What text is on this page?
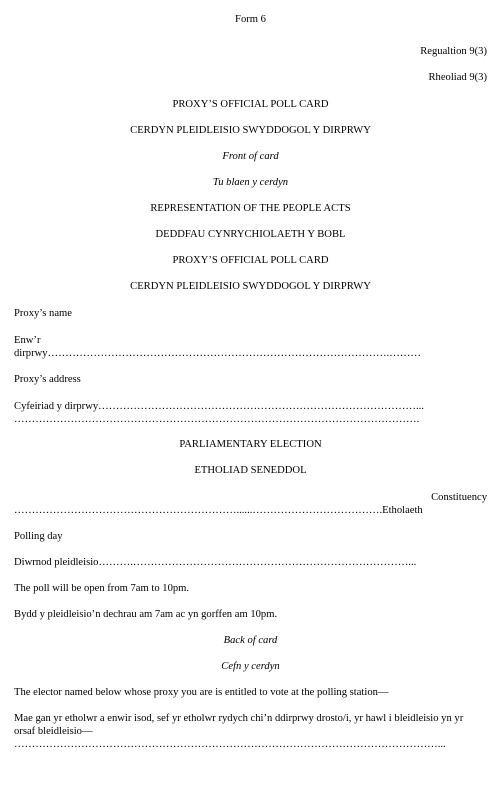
Form 6
Regualtion 9(3)
Rheoliad 9(3)
PROXY’S OFFICIAL POLL CARD
CERDYN PLEIDLEISIO SWYDDOGOL Y DIRPRWY
Front of card
Tu blaen y cerdyn
REPRESENTATION OF THE PEOPLE ACTS
DEDDFAU CYNRYCHIOLAETH Y BOBL
PROXY’S OFFICIAL POLL CARD
CERDYN PLEIDLEISIO SWYDDOGOL Y DIRPRWY
Proxy’s name
Enw’r
dirprwy…………………………………………………………………………………….………
Proxy’s address
Cyfeiriad y dirprwy………………………………………………………………………………...
…………………………………………………………………………………………………….
PARLIAMENTARY ELECTION
ETHOLIAD SENEDDOL
Constituency
………………………………………………………......……………………………….Etholaeth
Polling day
Diwrnod pleidleisio……….……………………………………………………………………...
The poll will be open from 7am to 10pm.
Bydd y pleidleisio’n dechrau am 7am ac yn gorffen am 10pm.
Back of card
Cefn y cerdyn
The elector named below whose proxy you are is entitled to vote at the polling station—
Mae gan yr etholwr a enwir isod, sef yr etholwr rydych chi’n ddirprwy drosto/i, yr hawl i bleidleisio yn yr orsaf bleidleisio—
…………………………………………………………………………………………………………...
